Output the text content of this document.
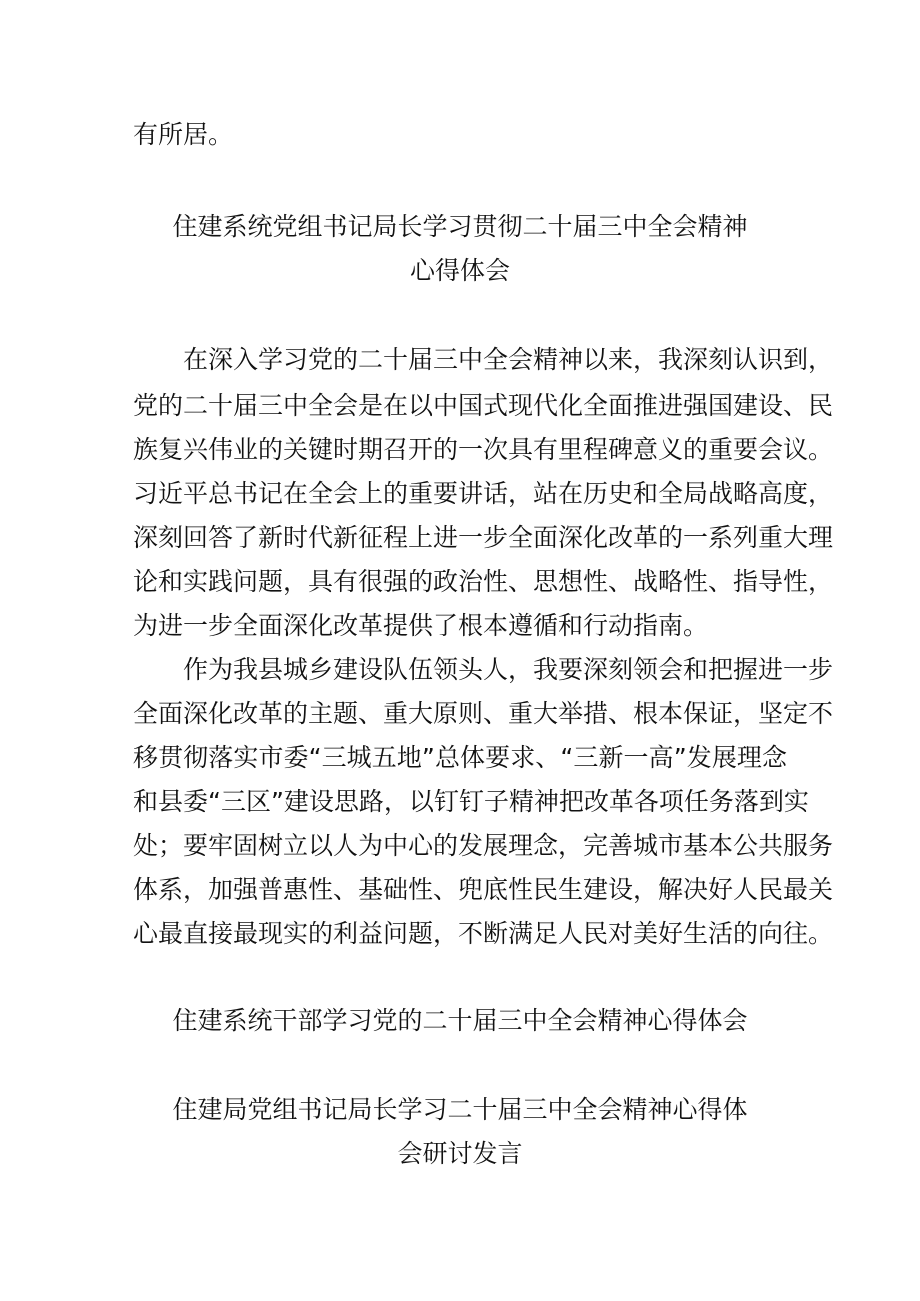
有所居。
住建系统党组书记局长学习贯彻二十届三中全会精神
心得体会
在深入学习党的二十届三中全会精神以来，我深刻认识到，
党的二十届三中全会是在以中国式现代化全面推进强国建设、民
族复兴伟业的关键时期召开的一次具有里程碑意义的重要会议。
习近平总书记在全会上的重要讲话，站在历史和全局战略高度，
深刻回答了新时代新征程上进一步全面深化改革的一系列重大理
论和实践问题，具有很强的政治性、思想性、战略性、指导性，
为进一步全面深化改革提供了根本遵循和行动指南。
作为我县城乡建设队伍领头人，我要深刻领会和把握进一步
全面深化改革的主题、重大原则、重大举措、根本保证，坚定不
移贯彻落实市委“三城五地”总体要求、“三新一高”发展理念
和县委“三区”建设思路，以钉钉子精神把改革各项任务落到实
处；要牢固树立以人为中心的发展理念，完善城市基本公共服务
体系，加强普惠性、基础性、兜底性民生建设，解决好人民最关
心最直接最现实的利益问题，不断满足人民对美好生活的向往。
住建系统干部学习党的二十届三中全会精神心得体会
住建局党组书记局长学习二十届三中全会精神心得体
会研讨发言
